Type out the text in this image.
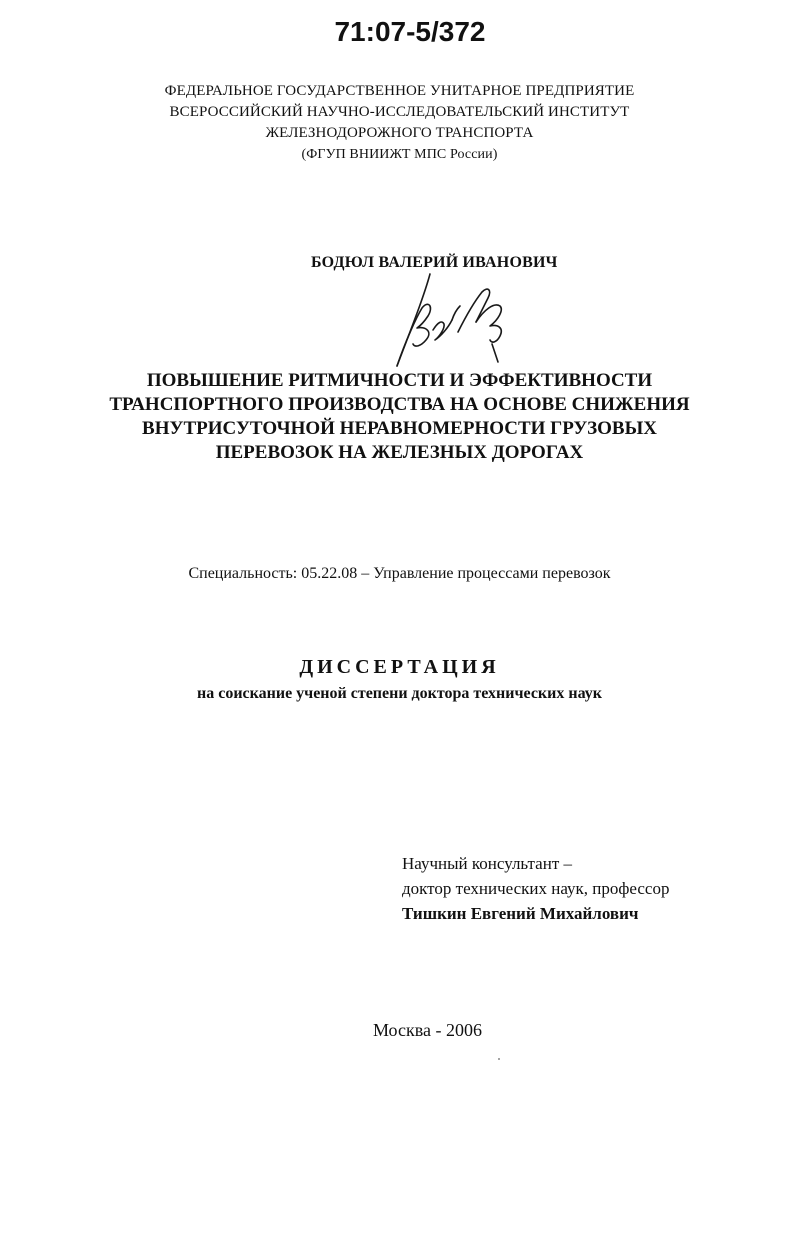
71:07-5/372
ФЕДЕРАЛЬНОЕ ГОСУДАРСТВЕННОЕ УНИТАРНОЕ ПРЕДПРИЯТИЕ
ВСЕРОССИЙСКИЙ НАУЧНО-ИССЛЕДОВАТЕЛЬСКИЙ ИНСТИТУТ
ЖЕЛЕЗНОДОРОЖНОГО ТРАНСПОРТА
(ФГУП ВНИИЖТ МПС России)
БОДЮЛ ВАЛЕРИЙ ИВАНОВИЧ
ПОВЫШЕНИЕ РИТМИЧНОСТИ И ЭФФЕКТИВНОСТИ
ТРАНСПОРТНОГО ПРОИЗВОДСТВА НА ОСНОВЕ СНИЖЕНИЯ
ВНУТРИСУТОЧНОЙ НЕРАВНОМЕРНОСТИ ГРУЗОВЫХ
ПЕРЕВОЗОК НА ЖЕЛЕЗНЫХ ДОРОГАХ
Специальность: 05.22.08 – Управление процессами перевозок
ДИССЕРТАЦИЯ
на соискание ученой степени доктора технических наук
Научный консультант –
доктор технических наук, профессор
Тишкин Евгений Михайлович
Москва - 2006
